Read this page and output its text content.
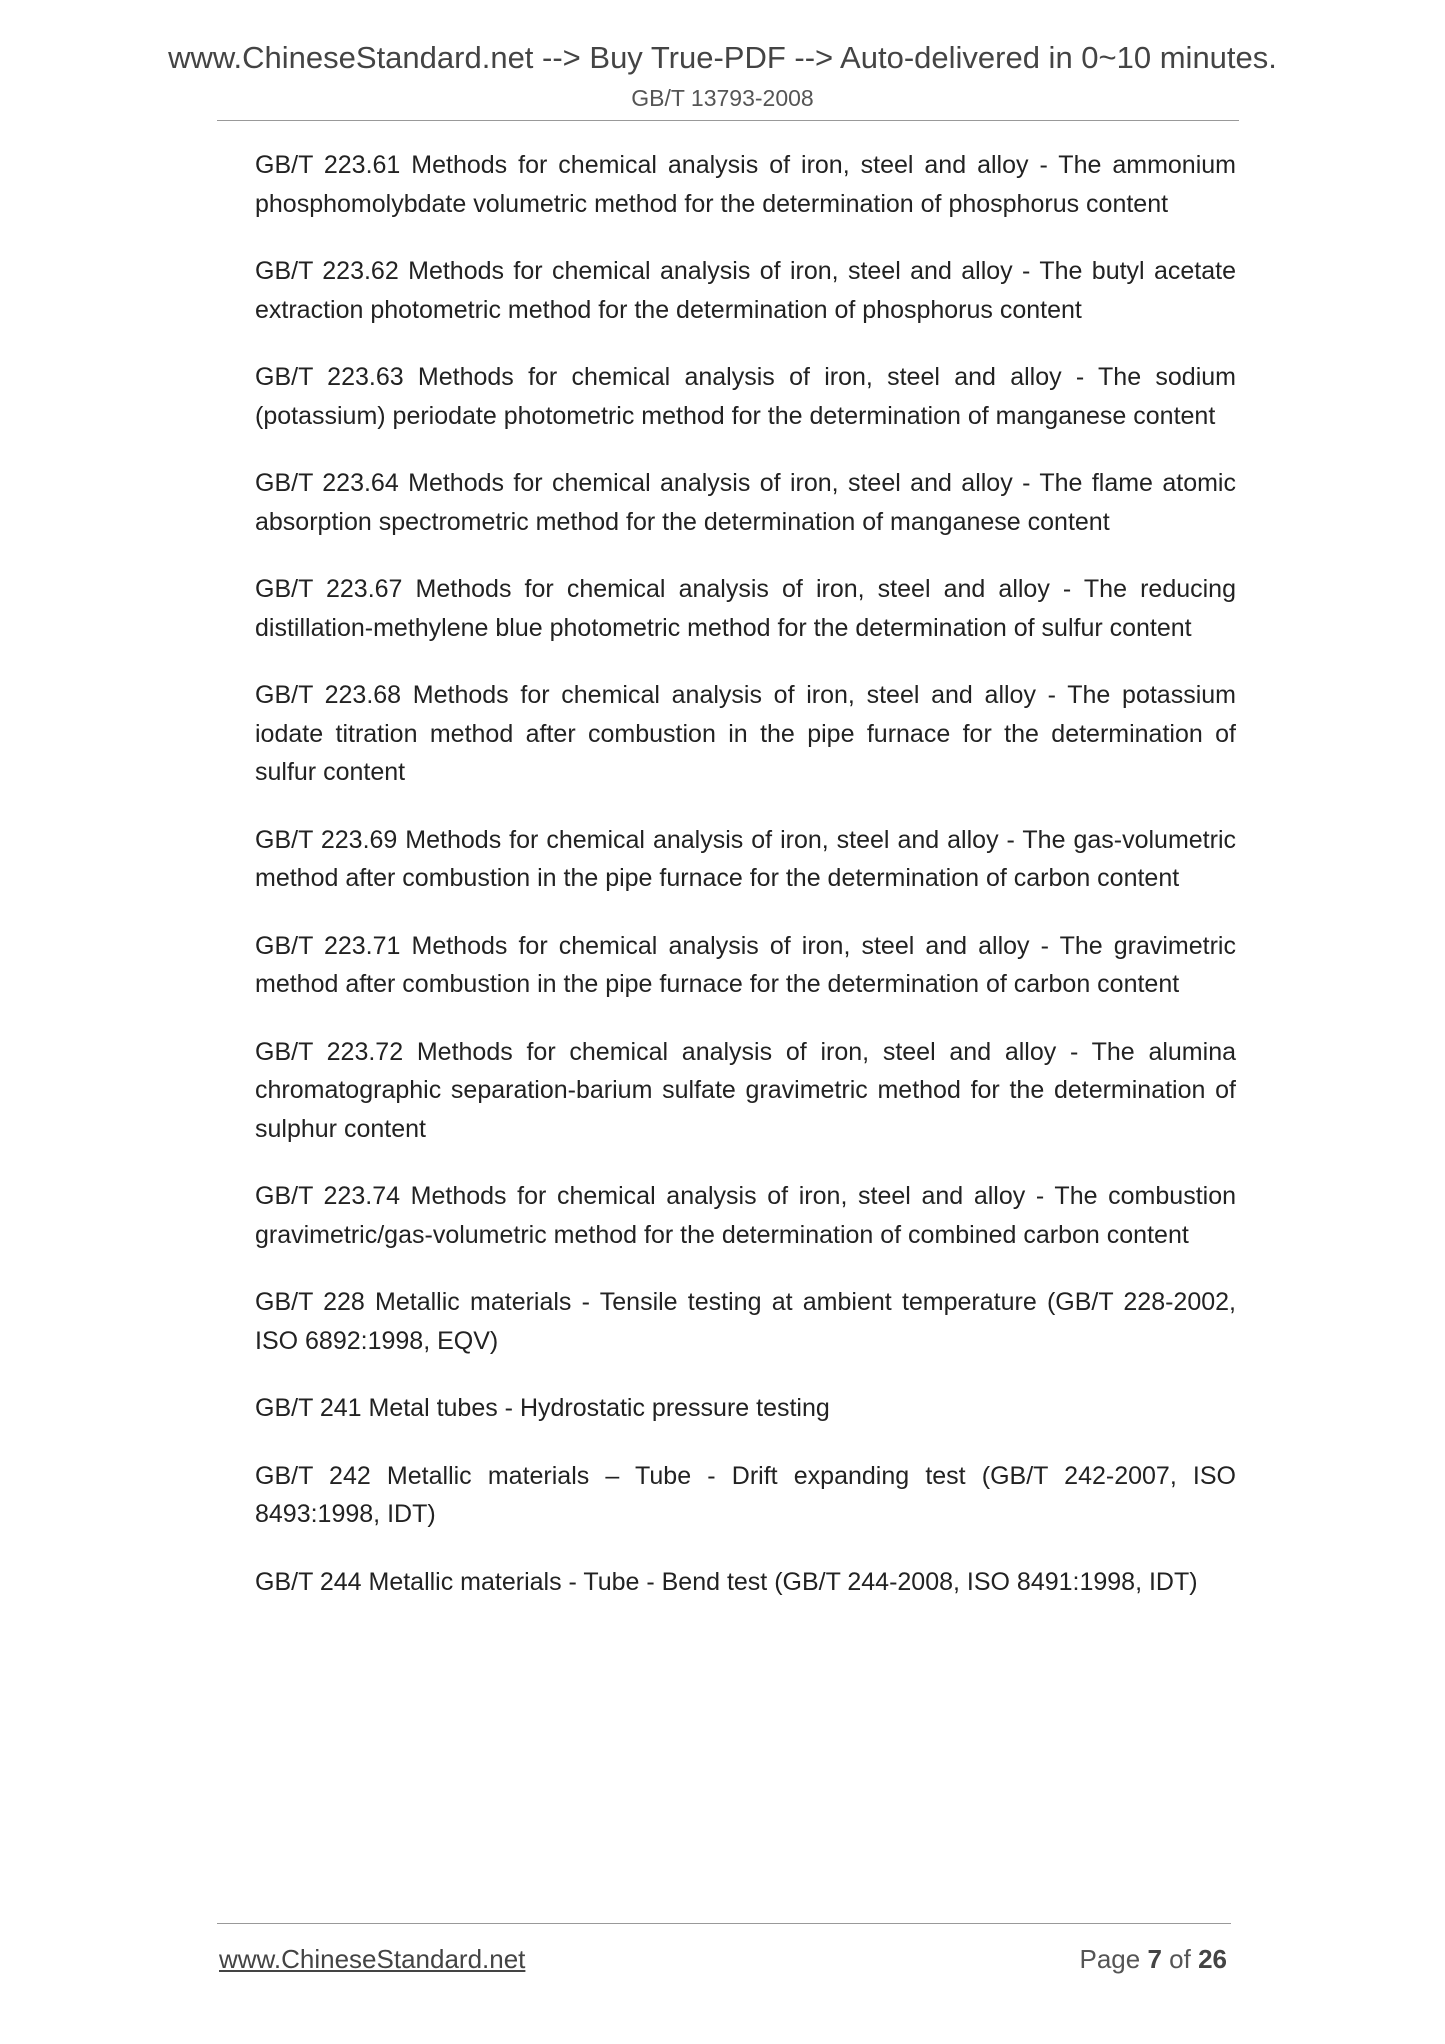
www.ChineseStandard.net --> Buy True-PDF --> Auto-delivered in 0~10 minutes.
GB/T 13793-2008

GB/T 223.61 Methods for chemical analysis of iron, steel and alloy - The ammonium phosphomolybdate volumetric method for the determination of phosphorus content

GB/T 223.62 Methods for chemical analysis of iron, steel and alloy - The butyl acetate extraction photometric method for the determination of phosphorus content

GB/T 223.63 Methods for chemical analysis of iron, steel and alloy - The sodium (potassium) periodate photometric method for the determination of manganese content

GB/T 223.64 Methods for chemical analysis of iron, steel and alloy - The flame atomic absorption spectrometric method for the determination of manganese content

GB/T 223.67 Methods for chemical analysis of iron, steel and alloy - The reducing distillation-methylene blue photometric method for the determination of sulfur content

GB/T 223.68 Methods for chemical analysis of iron, steel and alloy - The potassium iodate titration method after combustion in the pipe furnace for the determination of sulfur content

GB/T 223.69 Methods for chemical analysis of iron, steel and alloy - The gas-volumetric method after combustion in the pipe furnace for the determination of carbon content

GB/T 223.71 Methods for chemical analysis of iron, steel and alloy - The gravimetric method after combustion in the pipe furnace for the determination of carbon content

GB/T 223.72 Methods for chemical analysis of iron, steel and alloy - The alumina chromatographic separation-barium sulfate gravimetric method for the determination of sulphur content

GB/T 223.74 Methods for chemical analysis of iron, steel and alloy - The combustion gravimetric/gas-volumetric method for the determination of combined carbon content

GB/T 228 Metallic materials - Tensile testing at ambient temperature (GB/T 228-2002, ISO 6892:1998, EQV)

GB/T 241 Metal tubes - Hydrostatic pressure testing

GB/T 242 Metallic materials – Tube - Drift expanding test (GB/T 242-2007, ISO 8493:1998, IDT)

GB/T 244 Metallic materials - Tube - Bend test (GB/T 244-2008, ISO 8491:1998, IDT)

www.ChineseStandard.net	Page 7 of 26
